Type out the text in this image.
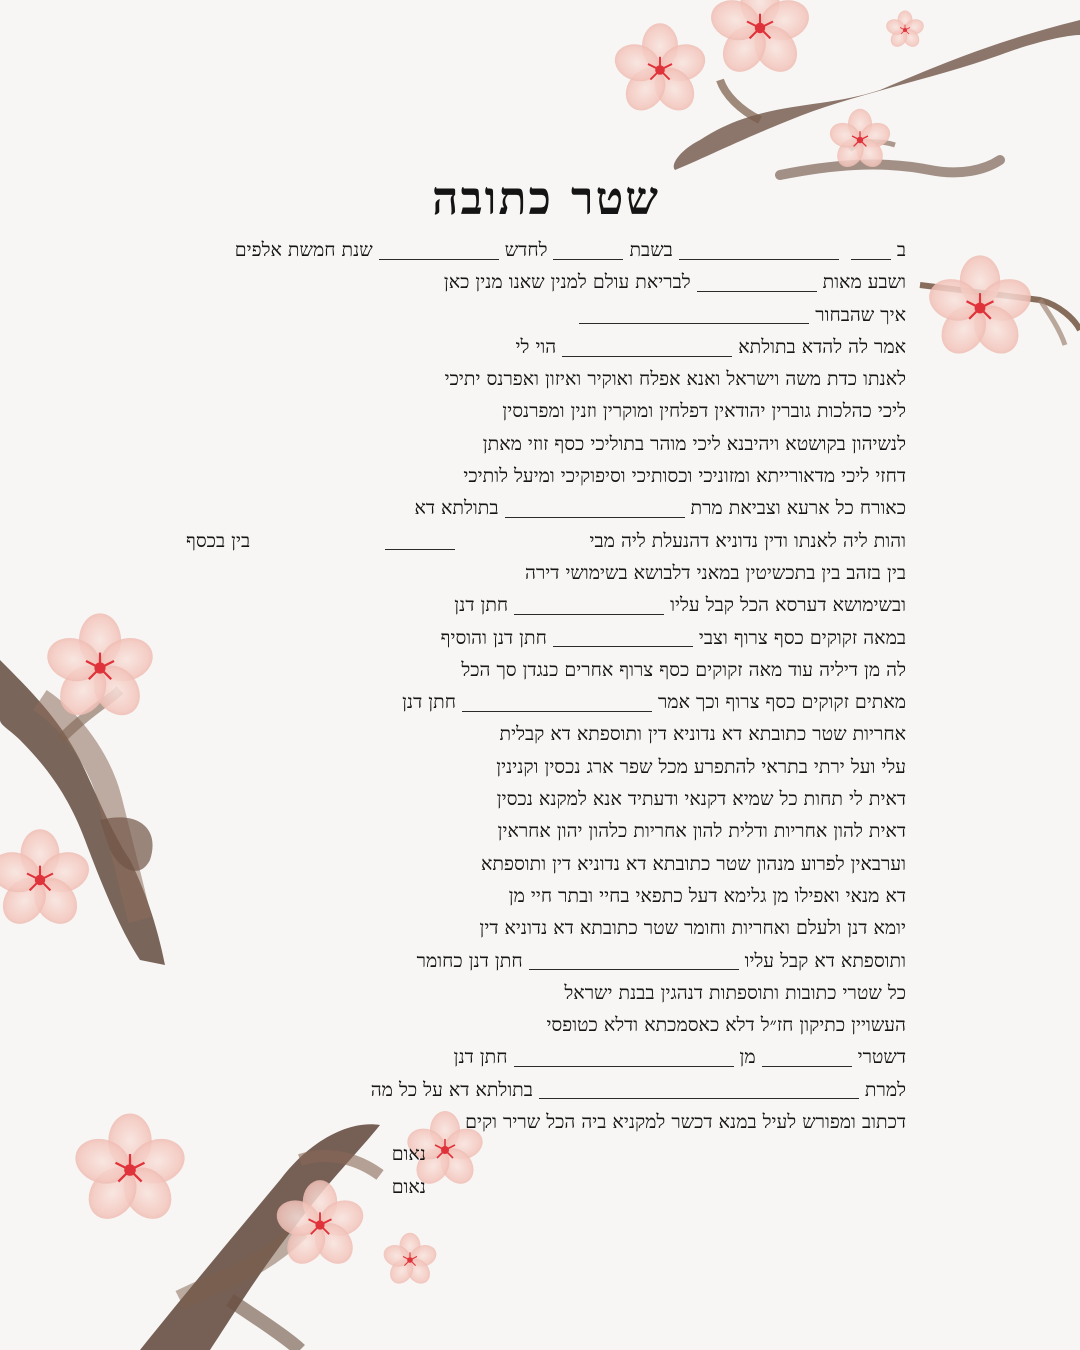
שטר כתובה
ב
בשבת
לחדש
שנת חמשת אלפים
ושבע מאות
לבריאת עולם למנין שאנו מנין כאן
איך שהבחור
אמר לה להדא בתולתא
הוי לי
לאנתו כדת משה וישראל ואנא אפלח ואוקיר ואיזון ואפרנס יתיכי
ליכי כהלכות גוברין יהודאין דפלחין ומוקרין וזנין ומפרנסין
לנשיהון בקושטא ויהיבנא ליכי מוהר בתוליכי כסף זוזי מאתן
דחזי ליכי מדאורייתא ומזוניכי וכסותיכי וסיפוקיכי ומיעל לותיכי
כאורח כל ארעא וצביאת מרת
בתולתא דא
והות ליה לאנתו ודין נדוניא דהנעלת ליה מבי
בין בכסף
בין בזהב בין בתכשיטין במאני דלבושא בשימושי דירה
ובשימושא דערסא הכל קבל עליו
חתן דנן
במאה זקוקים כסף צרוף וצבי
חתן דנן והוסיף
לה מן דיליה עוד מאה זקוקים כסף צרוף אחרים כנגדן סך הכל
מאתים זקוקים כסף צרוף וכך אמר
חתן דנן
אחריות שטר כתובתא דא נדוניא דין ותוספתא דא קבלית
עלי ועל ירתי בתראי להתפרע מכל שפר ארג נכסין וקנינין
דאית לי תחות כל שמיא דקנאי ודעתיד אנא למקנא נכסין
דאית להון אחריות ודלית להון אחריות כלהון יהון אחראין
וערבאין לפרוע מנהון שטר כתובתא דא נדוניא דין ותוספתא
דא מנאי ואפילו מן גלימא דעל כתפאי בחיי ובתר חיי מן
יומא דנן ולעלם ואחריות וחומר שטר כתובתא דא נדוניא דין
ותוספתא דא קבל עליו
חתן דנן כחומר
כל שטרי כתובות ותוספתות דנהגין בבנת ישראל
העשויין כתיקון חז״ל דלא כאסמכתא ודלא כטופסי
דשטרי
מן
חתן דנן
למרת
בתולתא דא על כל מה
דכתוב ומפורש לעיל במנא דכשר למקניא ביה הכל שריר וקים
נאום
נאום
